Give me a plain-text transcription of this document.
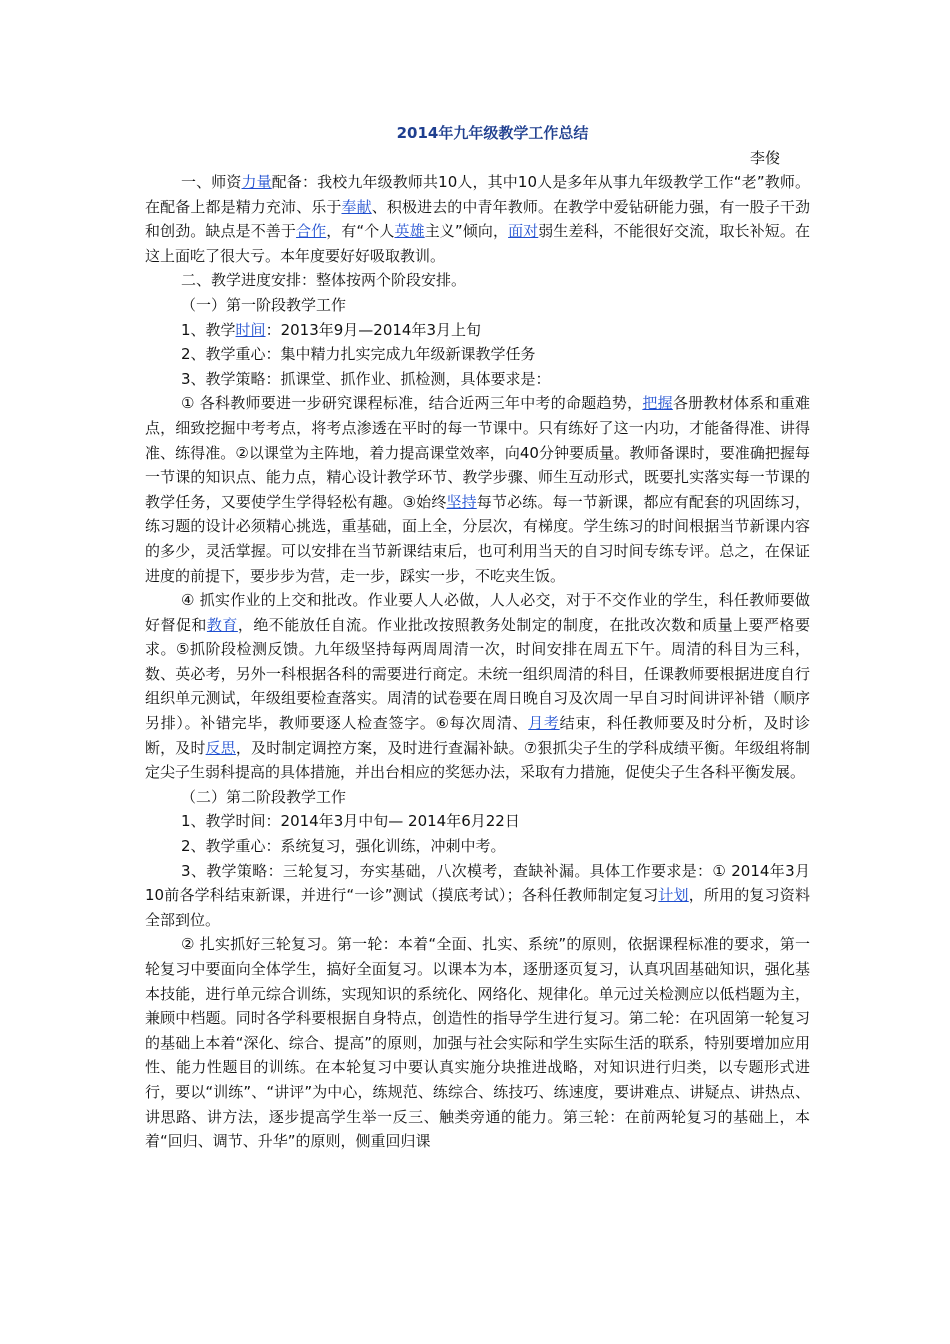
2014年九年级教学工作总结
李俊

一、师资力量配备：我校九年级教师共10人，其中10人是多年从事九年级教学工作“老”教师。在配备上都是精力充沛、乐于奉献、积极进去的中青年教师。在教学中爱钻研能力强，有一股子干劲和创劲。缺点是不善于合作，有“个人英雄主义”倾向，面对弱生差科，不能很好交流，取长补短。在这上面吃了很大亏。本年度要好好吸取教训。

二、教学进度安排：整体按两个阶段安排。

（一）第一阶段教学工作

1、教学时间：2013年9月—2014年3月上旬

2、教学重心：集中精力扎实完成九年级新课教学任务

3、教学策略：抓课堂、抓作业、抓检测，具体要求是：

① 各科教师要进一步研究课程标准，结合近两三年中考的命题趋势，把握各册教材体系和重难点，细致挖掘中考考点，将考点渗透在平时的每一节课中。只有练好了这一内功，才能备得准、讲得准、练得准。②以课堂为主阵地，着力提高课堂效率，向40分钟要质量。教师备课时，要准确把握每一节课的知识点、能力点，精心设计教学环节、教学步骤、师生互动形式，既要扎实落实每一节课的教学任务，又要使学生学得轻松有趣。③始终坚持每节必练。每一节新课，都应有配套的巩固练习，练习题的设计必须精心挑选，重基础，面上全，分层次，有梯度。学生练习的时间根据当节新课内容的多少，灵活掌握。可以安排在当节新课结束后，也可利用当天的自习时间专练专评。总之，在保证进度的前提下，要步步为营，走一步，踩实一步，不吃夹生饭。

④ 抓实作业的上交和批改。作业要人人必做，人人必交，对于不交作业的学生，科任教师要做好督促和教育，绝不能放任自流。作业批改按照教务处制定的制度，在批改次数和质量上要严格要求。⑤抓阶段检测反馈。九年级坚持每两周周清一次，时间安排在周五下午。周清的科目为三科，数、英必考，另外一科根据各科的需要进行商定。未统一组织周清的科目，任课教师要根据进度自行组织单元测试，年级组要检查落实。周清的试卷要在周日晚自习及次周一早自习时间讲评补错（顺序另排）。补错完毕，教师要逐人检查签字。⑥每次周清、月考结束，科任教师要及时分析，及时诊断，及时反思，及时制定调控方案，及时进行查漏补缺。⑦狠抓尖子生的学科成绩平衡。年级组将制定尖子生弱科提高的具体措施，并出台相应的奖惩办法，采取有力措施，促使尖子生各科平衡发展。

（二）第二阶段教学工作

1、教学时间：2014年3月中旬— 2014年6月22日

2、教学重心：系统复习，强化训练，冲刺中考。

3、教学策略：三轮复习，夯实基础，八次模考，查缺补漏。具体工作要求是：① 2014年3月10前各学科结束新课，并进行“一诊”测试（摸底考试）；各科任教师制定复习计划，所用的复习资料全部到位。

② 扎实抓好三轮复习。第一轮：本着“全面、扎实、系统”的原则，依据课程标准的要求，第一轮复习中要面向全体学生，搞好全面复习。以课本为本，逐册逐页复习，认真巩固基础知识，强化基本技能，进行单元综合训练，实现知识的系统化、网络化、规律化。单元过关检测应以低档题为主，兼顾中档题。同时各学科要根据自身特点，创造性的指导学生进行复习。第二轮：在巩固第一轮复习的基础上本着“深化、综合、提高”的原则，加强与社会实际和学生实际生活的联系，特别要增加应用性、能力性题目的训练。在本轮复习中要认真实施分块推进战略，对知识进行归类，以专题形式进行，要以“训练”、“讲评”为中心，练规范、练综合、练技巧、练速度，要讲难点、讲疑点、讲热点、讲思路、讲方法，逐步提高学生举一反三、触类旁通的能力。第三轮：在前两轮复习的基础上，本着“回归、调节、升华”的原则，侧重回归课
